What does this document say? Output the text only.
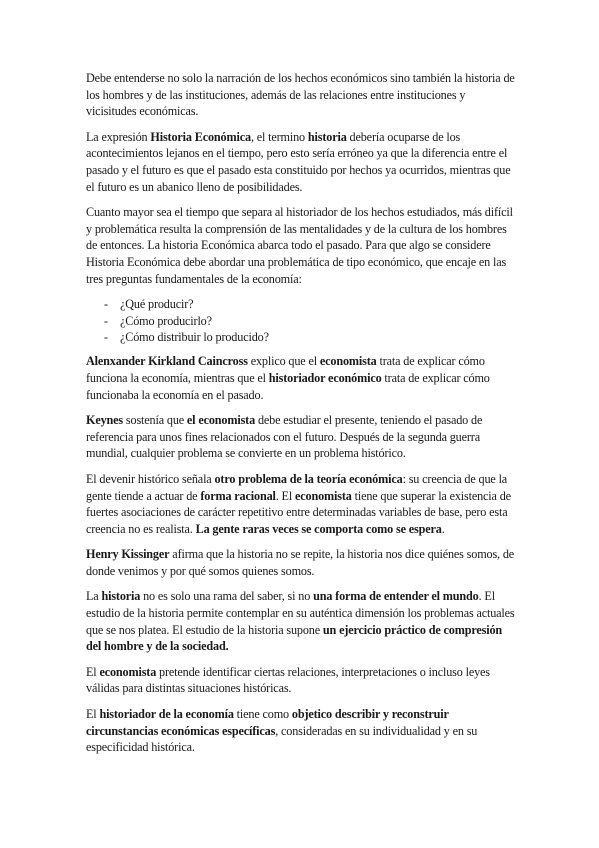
Debe entenderse no solo la narración de los hechos económicos sino también la historia de los hombres y de las instituciones, además de las relaciones entre instituciones y vicisitudes económicas.

La expresión Historia Económica, el termino historia debería ocuparse de los acontecimientos lejanos en el tiempo, pero esto sería erróneo ya que la diferencia entre el pasado y el futuro es que el pasado esta constituido por hechos ya ocurridos, mientras que el futuro es un abanico lleno de posibilidades.

Cuanto mayor sea el tiempo que separa al historiador de los hechos estudiados, más difícil y problemática resulta la comprensión de las mentalidades y de la cultura de los hombres de entonces. La historia Económica abarca todo el pasado. Para que algo se considere Historia Económica debe abordar una problemática de tipo económico, que encaje en las tres preguntas fundamentales de la economía:

- ¿Qué producir?
- ¿Cómo producirlo?
- ¿Cómo distribuir lo producido?

Alenxander Kirkland Caincross explico que el economista trata de explicar cómo funciona la economía, mientras que el historiador económico trata de explicar cómo funcionaba la economía en el pasado.

Keynes sostenía que el economista debe estudiar el presente, teniendo el pasado de referencia para unos fines relacionados con el futuro. Después de la segunda guerra mundial, cualquier problema se convierte en un problema histórico.

El devenir histórico señala otro problema de la teoría económica: su creencia de que la gente tiende a actuar de forma racional. El economista tiene que superar la existencia de fuertes asociaciones de carácter repetitivo entre determinadas variables de base, pero esta creencia no es realista. La gente raras veces se comporta como se espera.

Henry Kissinger afirma que la historia no se repite, la historia nos dice quiénes somos, de donde venimos y por qué somos quienes somos.

La historia no es solo una rama del saber, si no una forma de entender el mundo. El estudio de la historia permite contemplar en su auténtica dimensión los problemas actuales que se nos platea. El estudio de la historia supone un ejercicio práctico de compresión del hombre y de la sociedad.

El economista pretende identificar ciertas relaciones, interpretaciones o incluso leyes válidas para distintas situaciones históricas.

El historiador de la economía tiene como objetico describir y reconstruir circunstancias económicas específicas, consideradas en su individualidad y en su especificidad histórica.
